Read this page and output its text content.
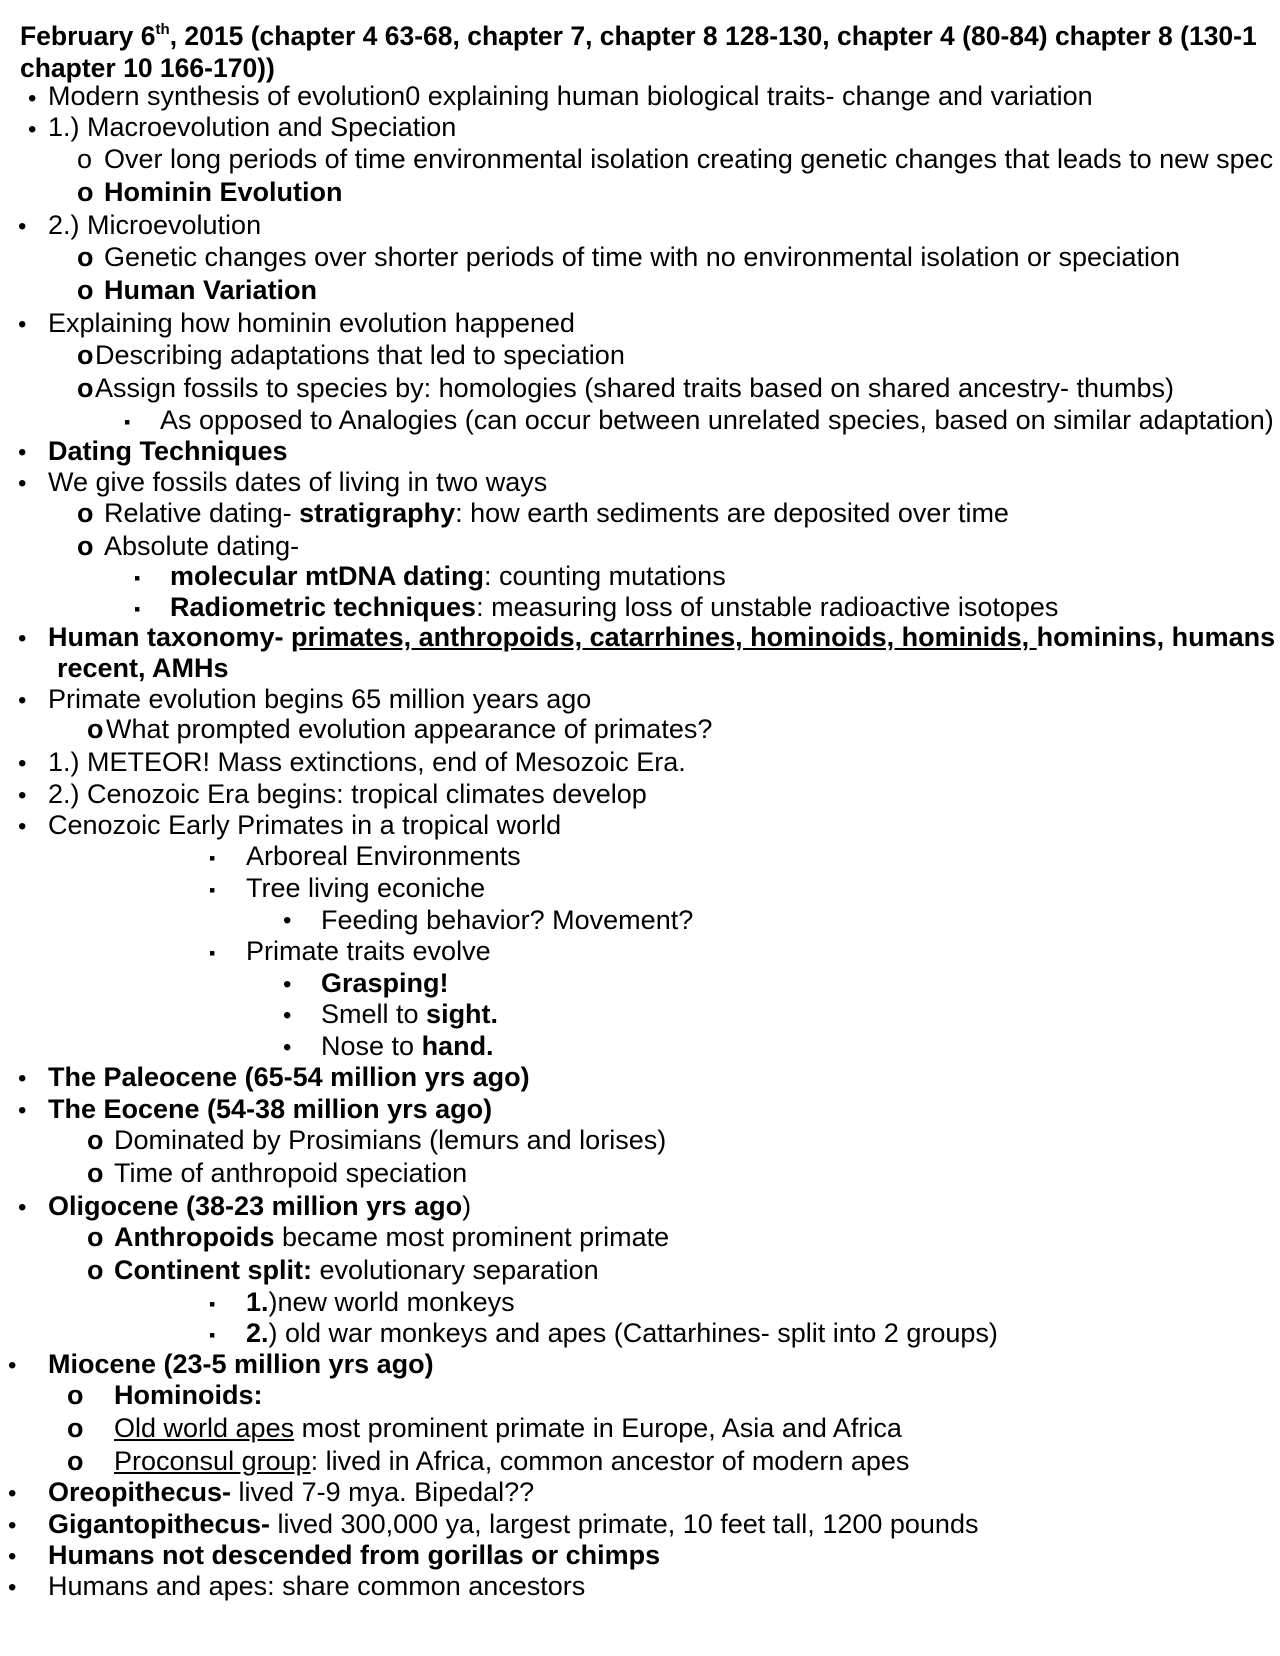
February 6th, 2015 (chapter 4 63-68, chapter 7, chapter 8 128-130, chapter 4 (80-84) chapter 8 (130-1
chapter 10 166-170))
• Modern synthesis of evolution0 explaining human biological traits- change and variation
• 1.) Macroevolution and Speciation
o Over long periods of time environmental isolation creating genetic changes that leads to new spec
o Hominin Evolution
• 2.) Microevolution
o Genetic changes over shorter periods of time with no environmental isolation or speciation
o Human Variation
• Explaining how hominin evolution happened
o Describing adaptations that led to speciation
o Assign fossils to species by: homologies (shared traits based on shared ancestry- thumbs)
▪ As opposed to Analogies (can occur between unrelated species, based on similar adaptation)
• Dating Techniques
• We give fossils dates of living in two ways
o Relative dating- stratigraphy: how earth sediments are deposited over time
o Absolute dating-
▪ molecular mtDNA dating: counting mutations
▪ Radiometric techniques: measuring loss of unstable radioactive isotopes
• Human taxonomy- primates, anthropoids, catarrhines, hominoids, hominids, hominins, humans
recent, AMHs
• Primate evolution begins 65 million years ago
o What prompted evolution appearance of primates?
• 1.) METEOR! Mass extinctions, end of Mesozoic Era.
• 2.) Cenozoic Era begins: tropical climates develop
• Cenozoic Early Primates in a tropical world
▪ Arboreal Environments
▪ Tree living econiche
• Feeding behavior? Movement?
▪ Primate traits evolve
• Grasping!
• Smell to sight.
• Nose to hand.
• The Paleocene (65-54 million yrs ago)
• The Eocene (54-38 million yrs ago)
o Dominated by Prosimians (lemurs and lorises)
o Time of anthropoid speciation
• Oligocene (38-23 million yrs ago)
o Anthropoids became most prominent primate
o Continent split: evolutionary separation
▪ 1.)new world monkeys
▪ 2.) old war monkeys and apes (Cattarhines- split into 2 groups)
• Miocene (23-5 million yrs ago)
o Hominoids:
o Old world apes most prominent primate in Europe, Asia and Africa
o Proconsul group: lived in Africa, common ancestor of modern apes
• Oreopithecus- lived 7-9 mya. Bipedal??
• Gigantopithecus- lived 300,000 ya, largest primate, 10 feet tall, 1200 pounds
• Humans not descended from gorillas or chimps
• Humans and apes: share common ancestors
